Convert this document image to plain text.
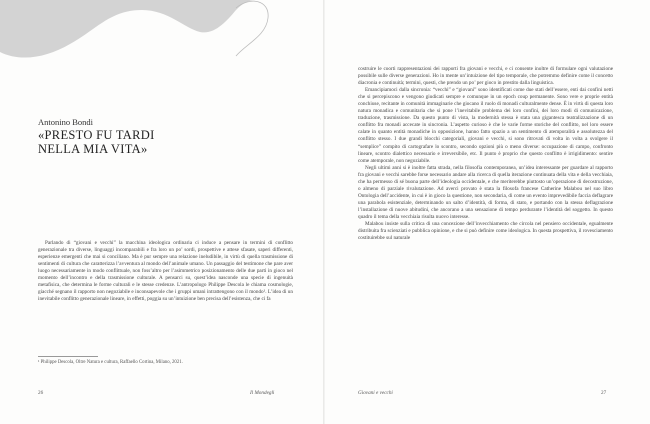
Antonino Bondi
«PRESTO FU TARDI
NELLA MIA VITA»

Parlando di “giovani e vecchi” la macchina ideologica ordinaria ci induce a pensare in termini di conflitto generazionale tra diverse, linguaggi incomparabili e fra loro un po’ sordi, prospettive e attese sfasate, saperi differenti, esperienze emergenti che mai si conciliano. Ma è pur sempre una relazione ineludibile, in virtù di quella trasmissione di sentimenti di cultura che caratterizza l’avventura al mondo dell’animale umano. Un passaggio del testimone che pare aver luogo necessariamente in modo conflittuale, non foss’altro per l’asimmetrico posizionamento delle due parti in gioco nel momento dell’incontro e della trasmissione culturale. A pensarci su, quest’idea nasconde una specie di ingenuità metafisica, che determina le forme culturali e le stesse credenze. L’antropologo Philippe Descola le chiama cosmologie, giacché segnano il rapporto non negoziabile e inconsapevole che i gruppi umani intrattengono con il mondo¹. L’idea di un inevitabile conflitto generazionale lineare, in effetti, poggia su un’intuizione ben precisa dell’esistenza, che ci fa

¹ Philippe Descola, Oltre Natura e cultura, Raffaello Cortina, Milano, 2021.
26	Il Mondegli

costruire le coorti rappresentazioni dei rapporti fra giovani e vecchi, e ci consente inoltre di formulare ogni valutazione possibile sulle diverse generazioni. Ho in mente un’intuizione del tipo temporale, che potremmo definire come il concetto diacronia e continuità; termini, questi, che prendo un po’ per gioco in prestito dalla linguistica.

Emancipiamoci dalla sincronia: “vecchi” e “giovani” sono identificati come due stati dell’essere, enti dai confini netti che si percepiscono e vengono giudicati sempre e comunque in un epoch coup permanente. Sono vere e proprie entità conchiuse, recitante in comunità immaginarie che giocano il ruolo di monadi culturalmente dense. È in virtù di questa loro natura monadica e comunitaria che si pone l’inevitabile problema dei loro confini, dei loro modi di comunicazione, traduzione, trasmissione. Da questo punto di vista, la modernità stessa è stata una gigantesca teatralizzazione di un conflitto fra monadi accecate in sincronia. L’aspetto curioso è che le varie forme storiche del conflitto, nel loro essere calate in quanto entità monadiche in opposizione, hanno fatto spazio a un sentimento di atemporalità e assolutezza del conflitto stesso. I due grandi blocchi categoriali, giovani e vecchi, si sono ritrovati di volta in volta a svolgere il “semplice” compito di cartografare lo scontro, secondo opzioni più o meno diverse: occupazione di campo, confronto lineare, scontro dialettico necessario e irreversibile, etc. Il punto è proprio che questo conflitto è irrigidimento: sentire come atemporale, non negoziabile.

Negli ultimi anni si è inoltre fatta strada, nella filosofia contemporanea, un’idea interessante per guardare al rapporto fra giovani e vecchi sarebbe forse necessario andare alla ricerca di quella iterazione continuata della vita e della vecchiaia, che ha permesso di sé buona parte dell’ideologia occidentale, e che meriterebbe piuttosto un’operazione di decostruzione, o almeno di parziale rivalutazione. Ad averci provato è stata la filosofa francese Catherine Malabou nel suo libro Ontologia dell’accidente, in cui è in gioco la questione, non secondaria, di come un evento imprevedibile faccia deflagrare una parabola esistenziale, determinando un salto d’identità, di forma, di stato, e portando con la stessa deflagrazione l’installazione di nuove abitudini, che ancorano a una sensazione di tempo perdurante l’identità del soggetto. In questo quadro il tema della vecchiaia risulta nuovo interesse.

Malabou insiste sulla critica di una concezione dell’invecchiamento che circola nel pensiero occidentale, egualmente distribuita fra scienziati e pubblica opinione, e che si può definire come ideologica. In questa prospettiva, il rovesciamento costituirebbe sul naturale

Giovani e vecchi	27
